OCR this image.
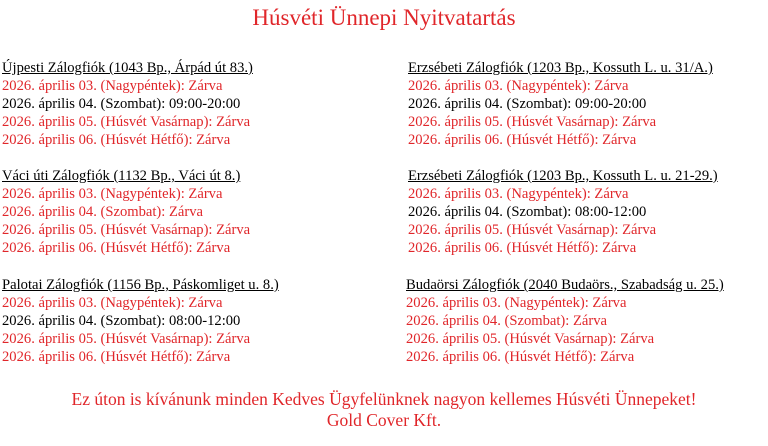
Húsvéti Ünnepi Nyitvatartás
Újpesti Zálogfiók (1043 Bp., Árpád út 83.)
2026. április 03. (Nagypéntek): Zárva
2026. április 04. (Szombat): 09:00-20:00
2026. április 05. (Húsvét Vasárnap): Zárva
2026. április 06. (Húsvét Hétfő): Zárva
Váci úti Zálogfiók (1132 Bp., Váci út 8.)
2026. április 03. (Nagypéntek): Zárva
2026. április 04. (Szombat): Zárva
2026. április 05. (Húsvét Vasárnap): Zárva
2026. április 06. (Húsvét Hétfő): Zárva
Palotai Zálogfiók (1156 Bp., Páskomliget u. 8.)
2026. április 03. (Nagypéntek): Zárva
2026. április 04. (Szombat): 08:00-12:00
2026. április 05. (Húsvét Vasárnap): Zárva
2026. április 06. (Húsvét Hétfő): Zárva
Erzsébeti Zálogfiók (1203 Bp., Kossuth L. u. 31/A.)
2026. április 03. (Nagypéntek): Zárva
2026. április 04. (Szombat): 09:00-20:00
2026. április 05. (Húsvét Vasárnap): Zárva
2026. április 06. (Húsvét Hétfő): Zárva
Erzsébeti Zálogfiók (1203 Bp., Kossuth L. u. 21-29.)
2026. április 03. (Nagypéntek): Zárva
2026. április 04. (Szombat): 08:00-12:00
2026. április 05. (Húsvét Vasárnap): Zárva
2026. április 06. (Húsvét Hétfő): Zárva
Budaörsi Zálogfiók (2040 Budaörs., Szabadság u. 25.)
2026. április 03. (Nagypéntek): Zárva
2026. április 04. (Szombat): Zárva
2026. április 05. (Húsvét Vasárnap): Zárva
2026. április 06. (Húsvét Hétfő): Zárva
Ez úton is kívánunk minden Kedves Ügyfelünknek nagyon kellemes Húsvéti Ünnepeket!
Gold Cover Kft.
